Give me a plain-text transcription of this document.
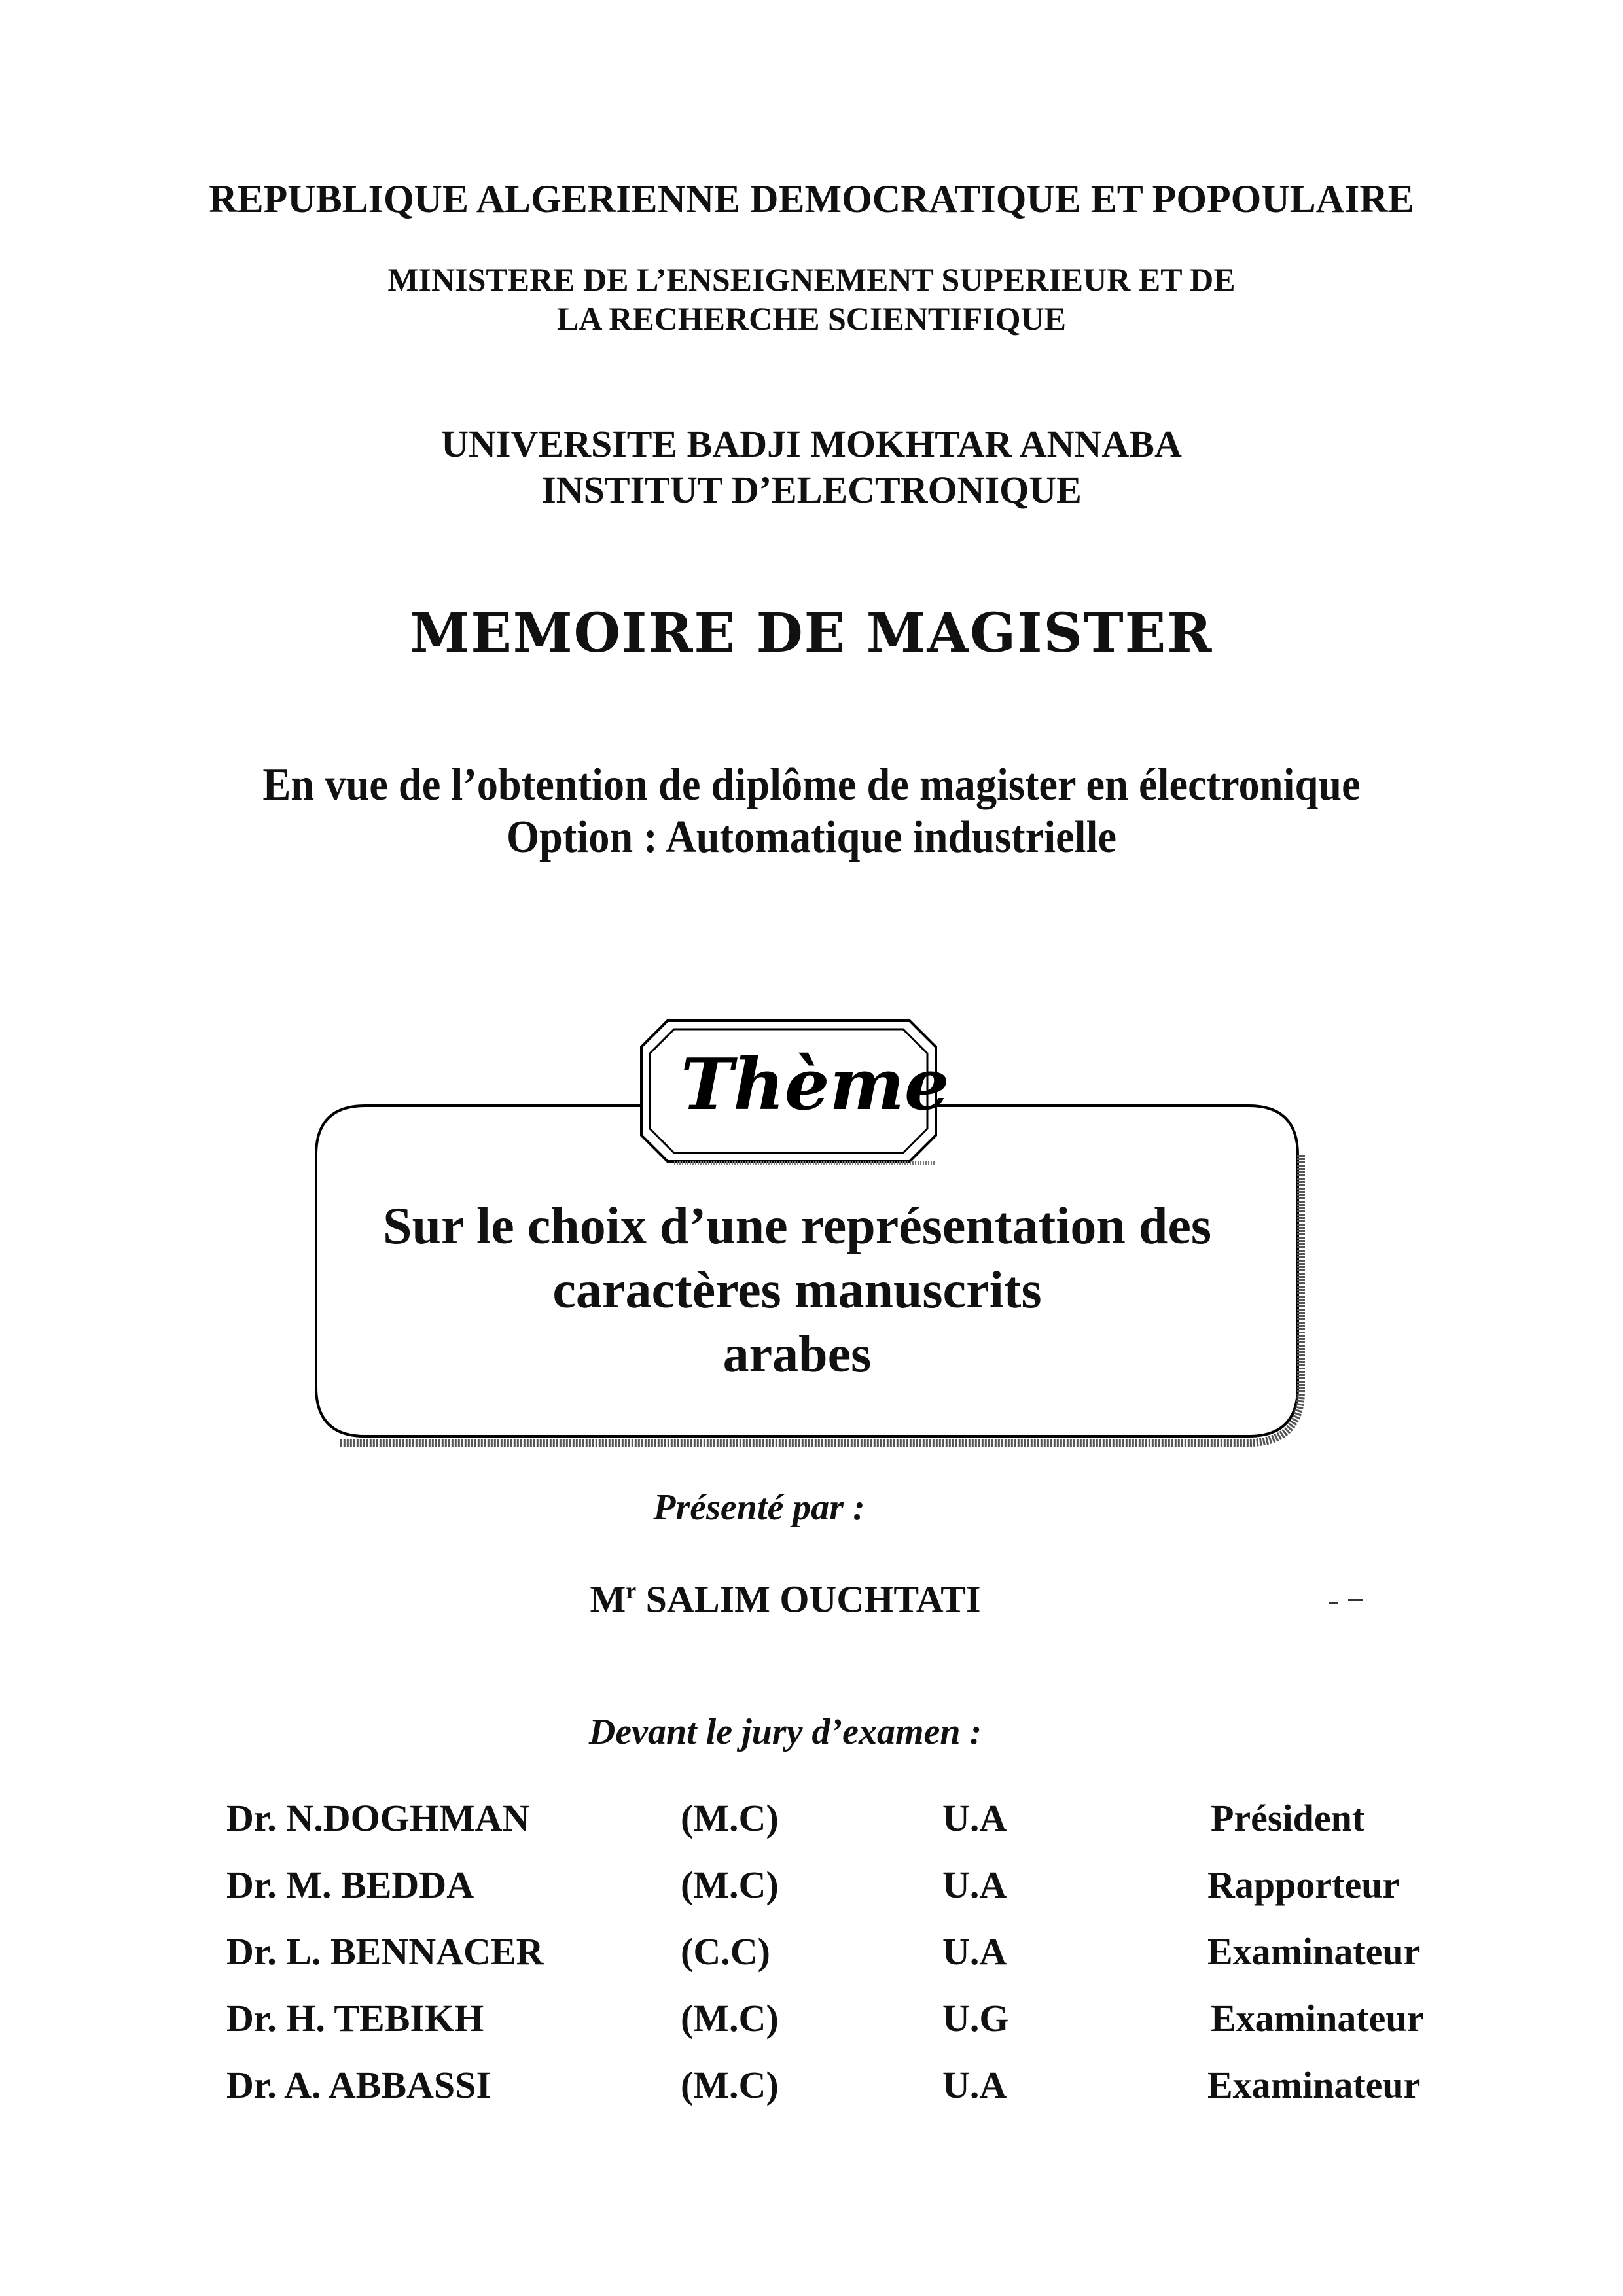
REPUBLIQUE ALGERIENNE DEMOCRATIQUE ET POPOULAIRE
MINISTERE DE L’ENSEIGNEMENT SUPERIEUR ET DE
LA RECHERCHE SCIENTIFIQUE
UNIVERSITE BADJI MOKHTAR ANNABA
INSTITUT D’ELECTRONIQUE
MEMOIRE DE MAGISTER
En vue de l’obtention de diplôme de magister en électronique
Option : Automatique industrielle
Thème
Sur le choix d’une représentation des
caractères manuscrits
arabes
Présenté par :
$M^r$ SALIM OUCHTATI
Devant le jury d’examen :
Dr. N.DOGHMAN	(M.C)	U.A	Président
Dr. M. BEDDA	(M.C)	U.A	Rapporteur
Dr. L. BENNACER	(C.C)	U.A	Examinateur
Dr. H. TEBIKH	(M.C)	U.G	Examinateur
Dr. A. ABBASSI	(M.C)	U.A	Examinateur
